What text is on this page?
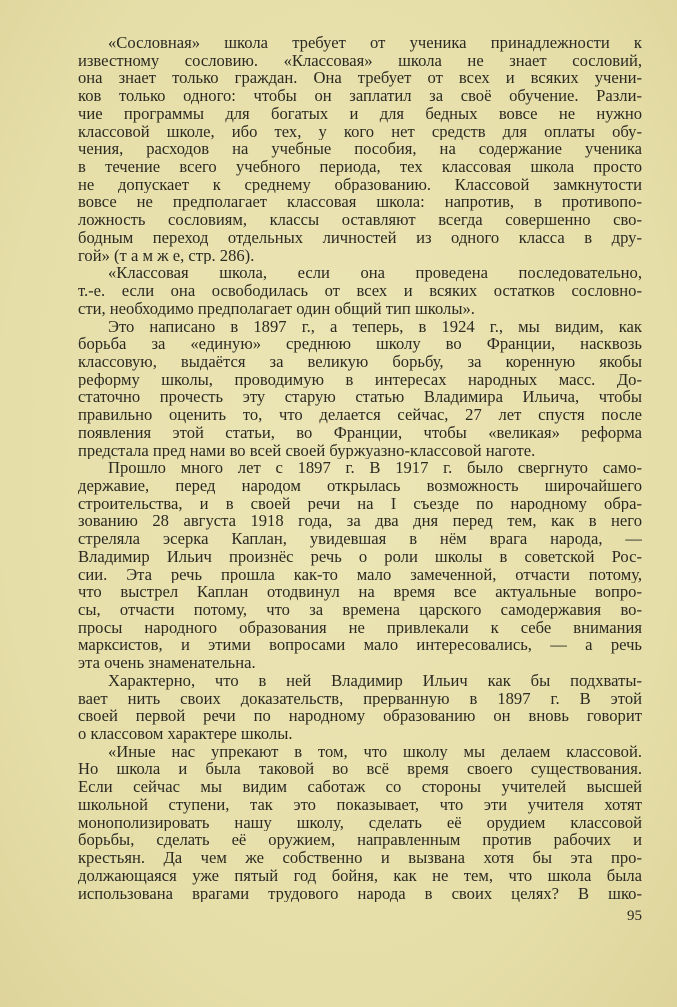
«Сословная» школа требует от ученика принадлежности к
известному сословию. «Классовая» школа не знает сословий,
она знает только граждан. Она требует от всех и всяких учени-
ков только одного: чтобы он заплатил за своё обучение. Разли-
чие программы для богатых и для бедных вовсе не нужно
классовой школе, ибо тех, у кого нет средств для оплаты обу-
чения, расходов на учебные пособия, на содержание ученика
в течение всего учебного периода, тех классовая школа просто
не допускает к среднему образованию. Классовой замкнутости
вовсе не предполагает классовая школа: напротив, в противопо-
ложность сословиям, классы оставляют всегда совершенно сво-
бодным переход отдельных личностей из одного класса в дру-
гой» (т а м ж е, стр. 286).
«Классовая школа, если она проведена последовательно,
т.-е. если она освободилась от всех и всяких остатков сословно-
сти, необходимо предполагает один общий тип школы».
Это написано в 1897 г., а теперь, в 1924 г., мы видим, как
борьба за «единую» среднюю школу во Франции, насквозь
классовую, выдаётся за великую борьбу, за коренную якобы
реформу школы, проводимую в интересах народных масс. До-
статочно прочесть эту старую статью Владимира Ильича, чтобы
правильно оценить то, что делается сейчас, 27 лет спустя после
появления этой статьи, во Франции, чтобы «великая» реформа
предстала пред нами во всей своей буржуазно-классовой наготе.
Прошло много лет с 1897 г. В 1917 г. было свергнуто само-
державие, перед народом открылась возможность широчайшего
строительства, и в своей речи на I съезде по народному обра-
зованию 28 августа 1918 года, за два дня перед тем, как в него
стреляла эсерка Каплан, увидевшая в нём врага народа, —
Владимир Ильич произнёс речь о роли школы в советской Рос-
сии. Эта речь прошла как-то мало замеченной, отчасти потому,
что выстрел Каплан отодвинул на время все актуальные вопро-
сы, отчасти потому, что за времена царского самодержавия во-
просы народного образования не привлекали к себе внимания
марксистов, и этими вопросами мало интересовались, — а речь
эта очень знаменательна.
Характерно, что в ней Владимир Ильич как бы подхваты-
вает нить своих доказательств, прерванную в 1897 г. В этой
своей первой речи по народному образованию он вновь говорит
о классовом характере школы.
«Иные нас упрекают в том, что школу мы делаем классовой.
Но школа и была таковой во всё время своего существования.
Если сейчас мы видим саботаж со стороны учителей высшей
школьной ступени, так это показывает, что эти учителя хотят
монополизировать нашу школу, сделать её орудием классовой
борьбы, сделать её оружием, направленным против рабочих и
крестьян. Да чем же собственно и вызвана хотя бы эта про-
должающаяся уже пятый год бойня, как не тем, что школа была
использована врагами трудового народа в своих целях? В шко-
95
